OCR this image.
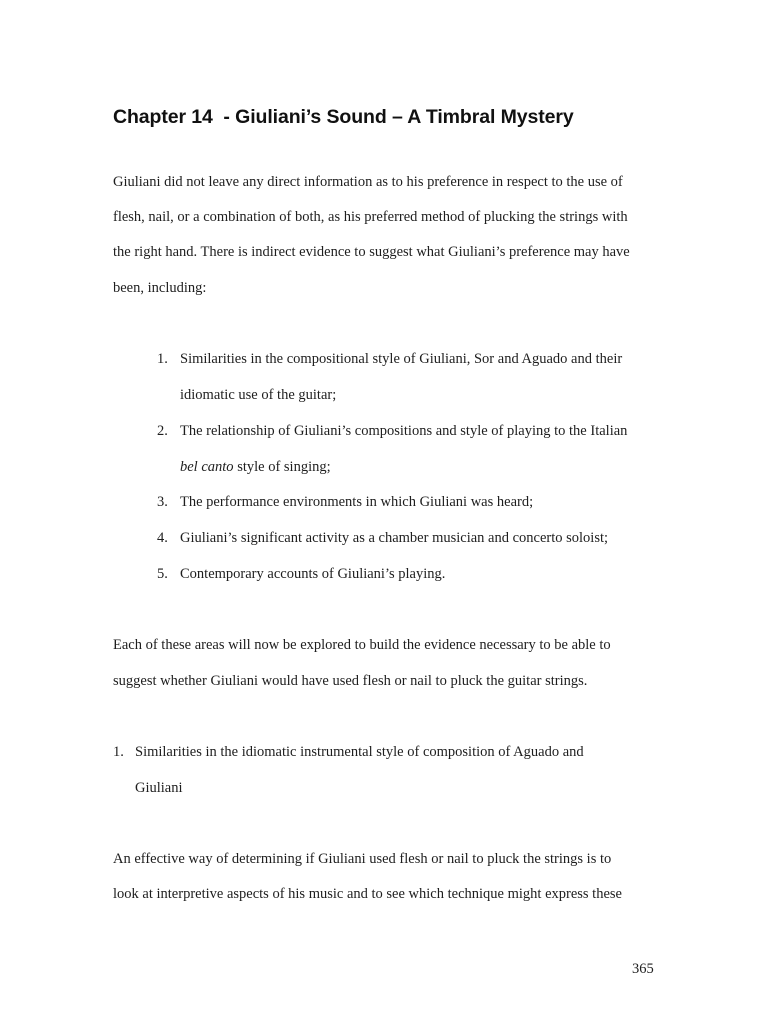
Chapter 14  - Giuliani’s Sound – A Timbral Mystery

Giuliani did not leave any direct information as to his preference in respect to the use of

flesh, nail, or a combination of both, as his preferred method of plucking the strings with

the right hand. There is indirect evidence to suggest what Giuliani’s preference may have

been, including:

1. Similarities in the compositional style of Giuliani, Sor and Aguado and their
idiomatic use of the guitar;
2. The relationship of Giuliani’s compositions and style of playing to the Italian
bel canto style of singing;
3. The performance environments in which Giuliani was heard;
4. Giuliani’s significant activity as a chamber musician and concerto soloist;
5. Contemporary accounts of Giuliani’s playing.

Each of these areas will now be explored to build the evidence necessary to be able to

suggest whether Giuliani would have used flesh or nail to pluck the guitar strings.

1. Similarities in the idiomatic instrumental style of composition of Aguado and
Giuliani

An effective way of determining if Giuliani used flesh or nail to pluck the strings is to

look at interpretive aspects of his music and to see which technique might express these

365
